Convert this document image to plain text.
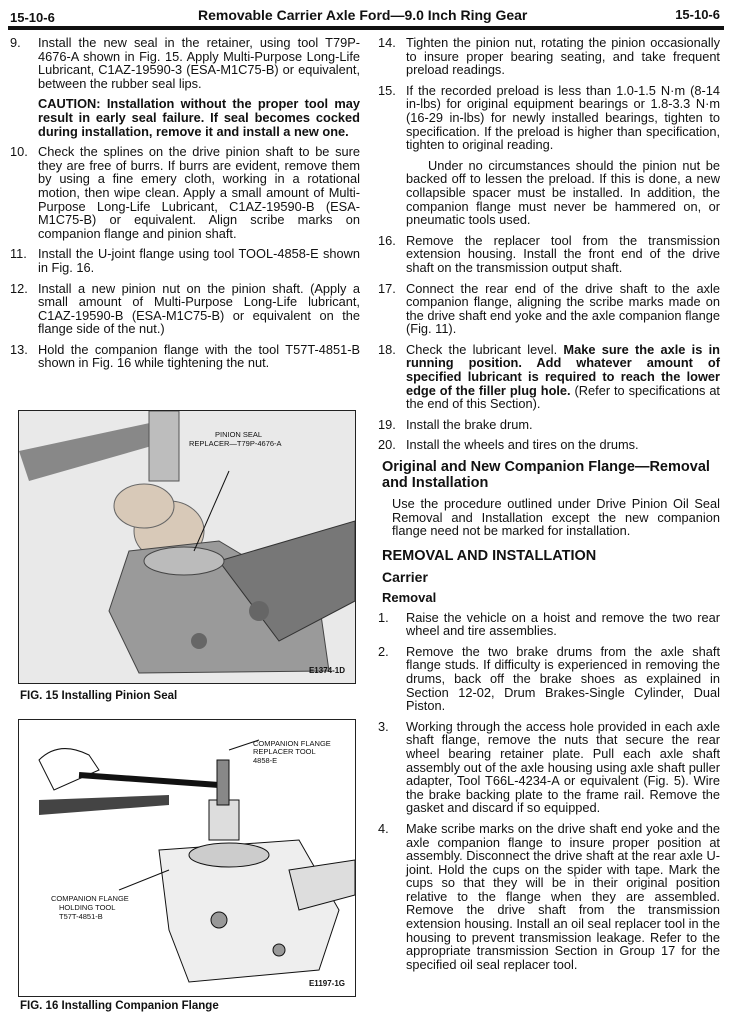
15-10-6	Removable Carrier Axle Ford—9.0 Inch Ring Gear	15-10-6
9.	Install the new seal in the retainer, using tool T79P-4676-A shown in Fig. 15. Apply Multi-Purpose Long-Life Lubricant, C1AZ-19590-3 (ESA-M1C75-B) or equivalent, between the rubber seal lips.
CAUTION: Installation without the proper tool may result in early seal failure. If seal becomes cocked during installation, remove it and install a new one.
10. Check the splines on the drive pinion shaft to be sure they are free of burrs. If burrs are evident, remove them by using a fine emery cloth, working in a rotational motion, then wipe clean. Apply a small amount of Multi-Purpose Long-Life Lubricant, C1AZ-19590-B (ESA-M1C75-B) or equivalent. Align scribe marks on companion flange and pinion shaft.
11. Install the U-joint flange using tool TOOL-4858-E shown in Fig. 16.
12. Install a new pinion nut on the pinion shaft. (Apply a small amount of Multi-Purpose Long-Life lubricant, C1AZ-19590-B (ESA-M1C75-B) or equivalent on the flange side of the nut.)
13. Hold the companion flange with the tool T57T-4851-B shown in Fig. 16 while tightening the nut.
PINION SEAL
REPLACER—T79P-4676-A
E1374-1D
FIG. 15 Installing Pinion Seal
COMPANION FLANGE
REPLACER TOOL
4858-E
COMPANION FLANGE
HOLDING TOOL
T57T-4851-B
E1197-1G
FIG. 16 Installing Companion Flange
14. Tighten the pinion nut, rotating the pinion occasionally to insure proper bearing seating, and take frequent preload readings.
15. If the recorded preload is less than 1.0-1.5 N·m (8-14 in-lbs) for original equipment bearings or 1.8-3.3 N·m (16-29 in-lbs) for newly installed bearings, tighten to specification. If the preload is higher than specification, tighten to original reading.
Under no circumstances should the pinion nut be backed off to lessen the preload. If this is done, a new collapsible spacer must be installed. In addition, the companion flange must never be hammered on, or pneumatic tools used.
16. Remove the replacer tool from the transmission extension housing. Install the front end of the drive shaft on the transmission output shaft.
17. Connect the rear end of the drive shaft to the axle companion flange, aligning the scribe marks made on the drive shaft end yoke and the axle companion flange (Fig. 11).
18. Check the lubricant level. Make sure the axle is in running position. Add whatever amount of specified lubricant is required to reach the lower edge of the filler plug hole. (Refer to specifications at the end of this Section).
19. Install the brake drum.
20. Install the wheels and tires on the drums.
Original and New Companion Flange—Removal and Installation
Use the procedure outlined under Drive Pinion Oil Seal Removal and Installation except the new companion flange need not be marked for installation.
REMOVAL AND INSTALLATION
Carrier
Removal
1.	Raise the vehicle on a hoist and remove the two rear wheel and tire assemblies.
2.	Remove the two brake drums from the axle shaft flange studs. If difficulty is experienced in removing the drums, back off the brake shoes as explained in Section 12-02, Drum Brakes-Single Cylinder, Dual Piston.
3.	Working through the access hole provided in each axle shaft flange, remove the nuts that secure the rear wheel bearing retainer plate. Pull each axle shaft assembly out of the axle housing using axle shaft puller adapter, Tool T66L-4234-A or equivalent (Fig. 5). Wire the brake backing plate to the frame rail. Remove the gasket and discard if so equipped.
4.	Make scribe marks on the drive shaft end yoke and the axle companion flange to insure proper position at assembly. Disconnect the drive shaft at the rear axle U-joint. Hold the cups on the spider with tape. Mark the cups so that they will be in their original position relative to the flange when they are assembled. Remove the drive shaft from the transmission extension housing. Install an oil seal replacer tool in the housing to prevent transmission leakage. Refer to the appropriate transmission Section in Group 17 for the specified oil seal replacer tool.
